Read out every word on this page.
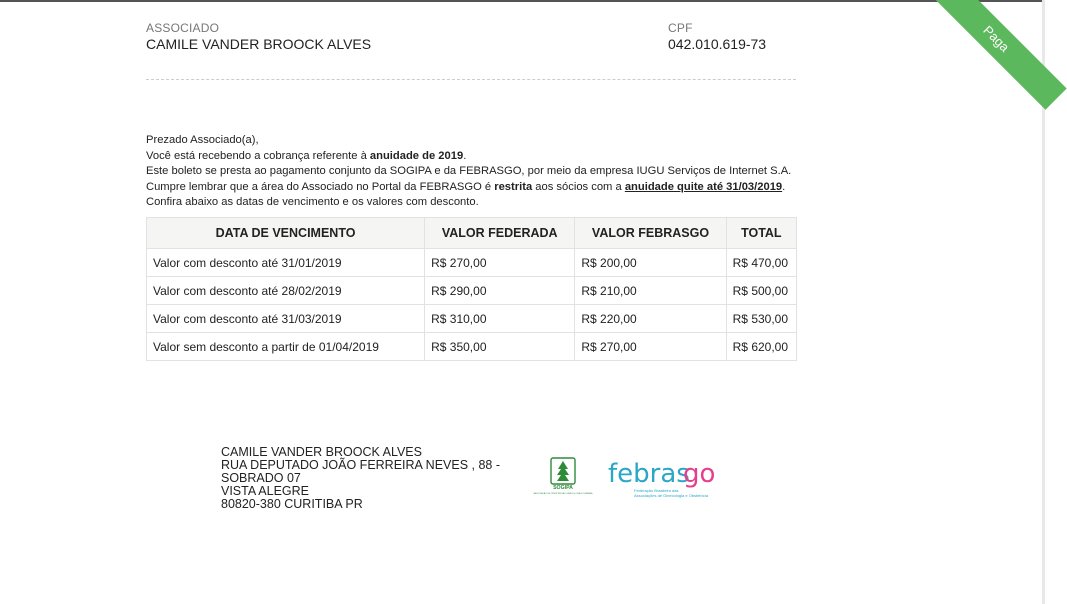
ASSOCIADO
CAMILE VANDER BROOCK ALVES
CPF
042.010.619-73	Paga
Prezado Associado(a),
Você está recebendo a cobrança referente à anuidade de 2019.
Este boleto se presta ao pagamento conjunto da SOGIPA e da FEBRASGO, por meio da empresa IUGU Serviços de Internet S.A.
Cumpre lembrar que a área do Associado no Portal da FEBRASGO é restrita aos sócios com a anuidade quite até 31/03/2019.
Confira abaixo as datas de vencimento e os valores com desconto.
DATA DE VENCIMENTO	VALOR FEDERADA	VALOR FEBRASGO	TOTAL
Valor com desconto até 31/01/2019	R$ 270,00	R$ 200,00	R$ 470,00
Valor com desconto até 28/02/2019	R$ 290,00	R$ 210,00	R$ 500,00
Valor com desconto até 31/03/2019	R$ 310,00	R$ 220,00	R$ 530,00
Valor sem desconto a partir de 01/04/2019	R$ 350,00	R$ 270,00	R$ 620,00
CAMILE VANDER BROOCK ALVES
RUA DEPUTADO JOÃO FERREIRA NEVES , 88 -
SOBRADO 07
VISTA ALEGRE
80820-380 CURITIBA PR
SOGIPA
ASSOCIAÇÃO DE OBSTETRÍCIA E GINECOLOGIA DO PARANÁ
febras
go
Federação Brasileira das
Associações de Ginecologia e Obstetrícia
